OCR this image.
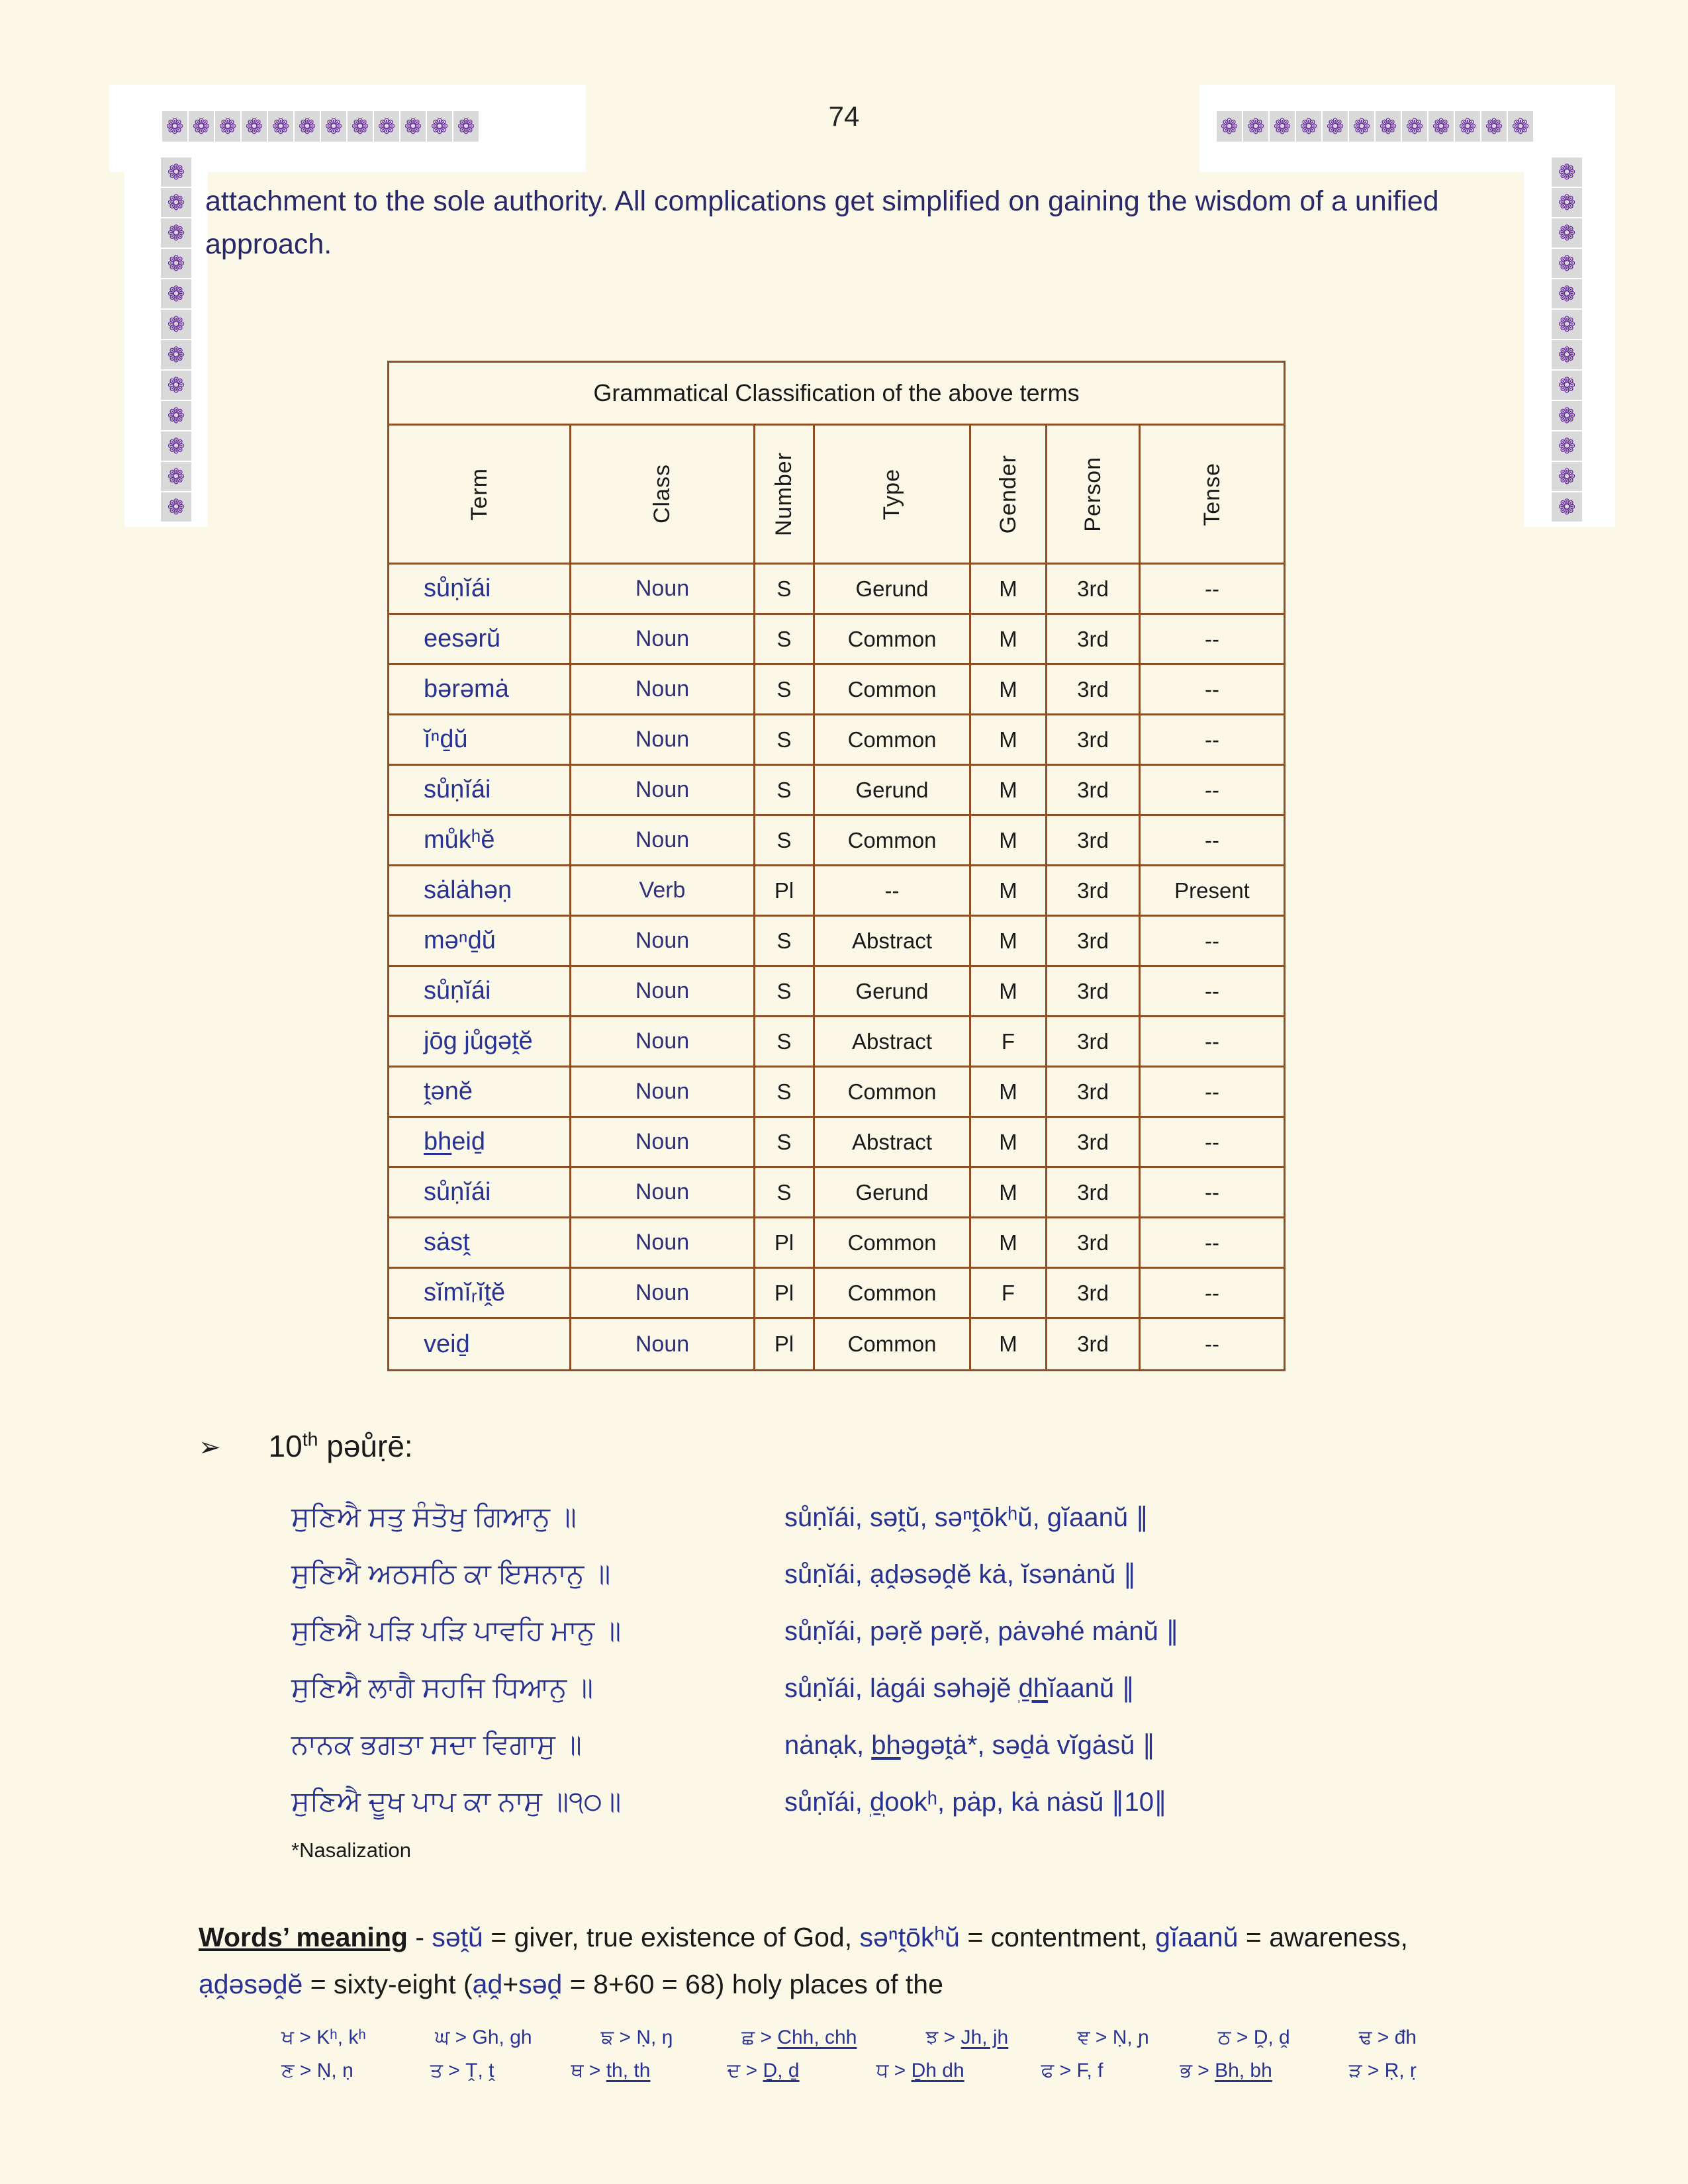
❁ ❁ ❁ ❁ ❁ ❁ ❁ ❁ ❁ ❁ ❁ ❁	❁ ❁ ❁ ❁ ❁ ❁ ❁ ❁ ❁ ❁ ❁ ❁
❁
❁
❁
❁
❁
❁
❁
❁
❁
❁
❁
❁
❁
❁
❁
❁
❁
❁
❁
❁
❁
❁
❁
❁
74
attachment to the sole authority. All complications get simplified on gaining the wisdom of a unified approach.
Grammatical Classification of the above terms
Term	Class	Number	Type	Gender	Person	Tense
sůṇĭái	Noun	S	Gerund	M	3rd	--
eesərŭ	Noun	S	Common	M	3rd	--
bərəmȧ	Noun	S	Common	M	3rd	--
ĭⁿḏŭ	Noun	S	Common	M	3rd	--
sůṇĭái	Noun	S	Gerund	M	3rd	--
můkʰĕ	Noun	S	Common	M	3rd	--
sȧlȧhəṇ	Verb	Pl	--	M	3rd	Present
məⁿḏŭ	Noun	S	Abstract	M	3rd	--
sůṇĭái	Noun	S	Gerund	M	3rd	--
jōg jůgəṱĕ	Noun	S	Abstract	F	3rd	--
ṱənĕ	Noun	S	Common	M	3rd	--
bh eiḏ	Noun	S	Abstract	M	3rd	--
sůṇĭái	Noun	S	Gerund	M	3rd	--
sȧsṱ	Noun	Pl	Common	M	3rd	--
sĭmĭᵣĭṱĕ	Noun	Pl	Common	F	3rd	--
veiḏ	Noun	Pl	Common	M	3rd	--
➢ 10th pəůṛē:
ਸੁਣਿਐ ਸਤੁ ਸੰਤੋਖੁ ਗਿਆਨੁ ॥	sůṇĭái, səṱŭ, səⁿṱōkʰŭ, gĭaanŭ ∥
ਸੁਣਿਐ ਅਠਸਠਿ ਕਾ ਇਸਨਾਨੁ ॥	sůṇĭái, ạḓəsəḓĕ kȧ, ĭsənȧnŭ ∥
ਸੁਣਿਐ ਪੜਿ ਪੜਿ ਪਾਵਹਿ ਮਾਨੁ ॥	sůṇĭái, pəṛĕ pəṛĕ, pȧvəhé mȧnŭ ∥
ਸੁਣਿਐ ਲਾਗੈ ਸਹਜਿ ਧਿਆਨੁ ॥	sůṇĭái, lȧgái səhəjĕ ḏhĭaanŭ ∥
ਨਾਨਕ ਭਗਤਾ ਸਦਾ ਵਿਗਾਸੁ ॥	nȧnạk, bhəgəṱȧ*, səḏȧ vĭgȧsŭ ∥
ਸੁਣਿਐ ਦੂਖ ਪਾਪ ਕਾ ਨਾਸੁ ॥੧੦॥	sůṇĭái, ḏookʰ, pȧp, kȧ nȧsŭ ∥10∥
*Nasalization
Words’ meaning - səṱŭ = giver, true existence of God, səⁿṱōkʰŭ = contentment, gĭaanŭ = awareness, ạḓəsəḓĕ = sixty-eight (ạḓ+səḓ = 8+60 = 68) holy places of the
ਖ > Kʰ, kʰ	ਘ > Gh, gh	ਙ > Ṇ, ŋ	ਛ > Chh, chh	ਝ > Jh, jh	ਞ > Ṇ, ɲ	ਠ > Ḓ, ḓ	ਢ > đh
ਣ > Ṇ, ṇ	ਤ > Ṱ, ṱ	ਥ > th, th	ਦ > Ḏ, ḏ	ਧ > Ḏh dh	ਫ > F, f	ਭ > Bh, bh	ੜ > Ṛ, ṛ
